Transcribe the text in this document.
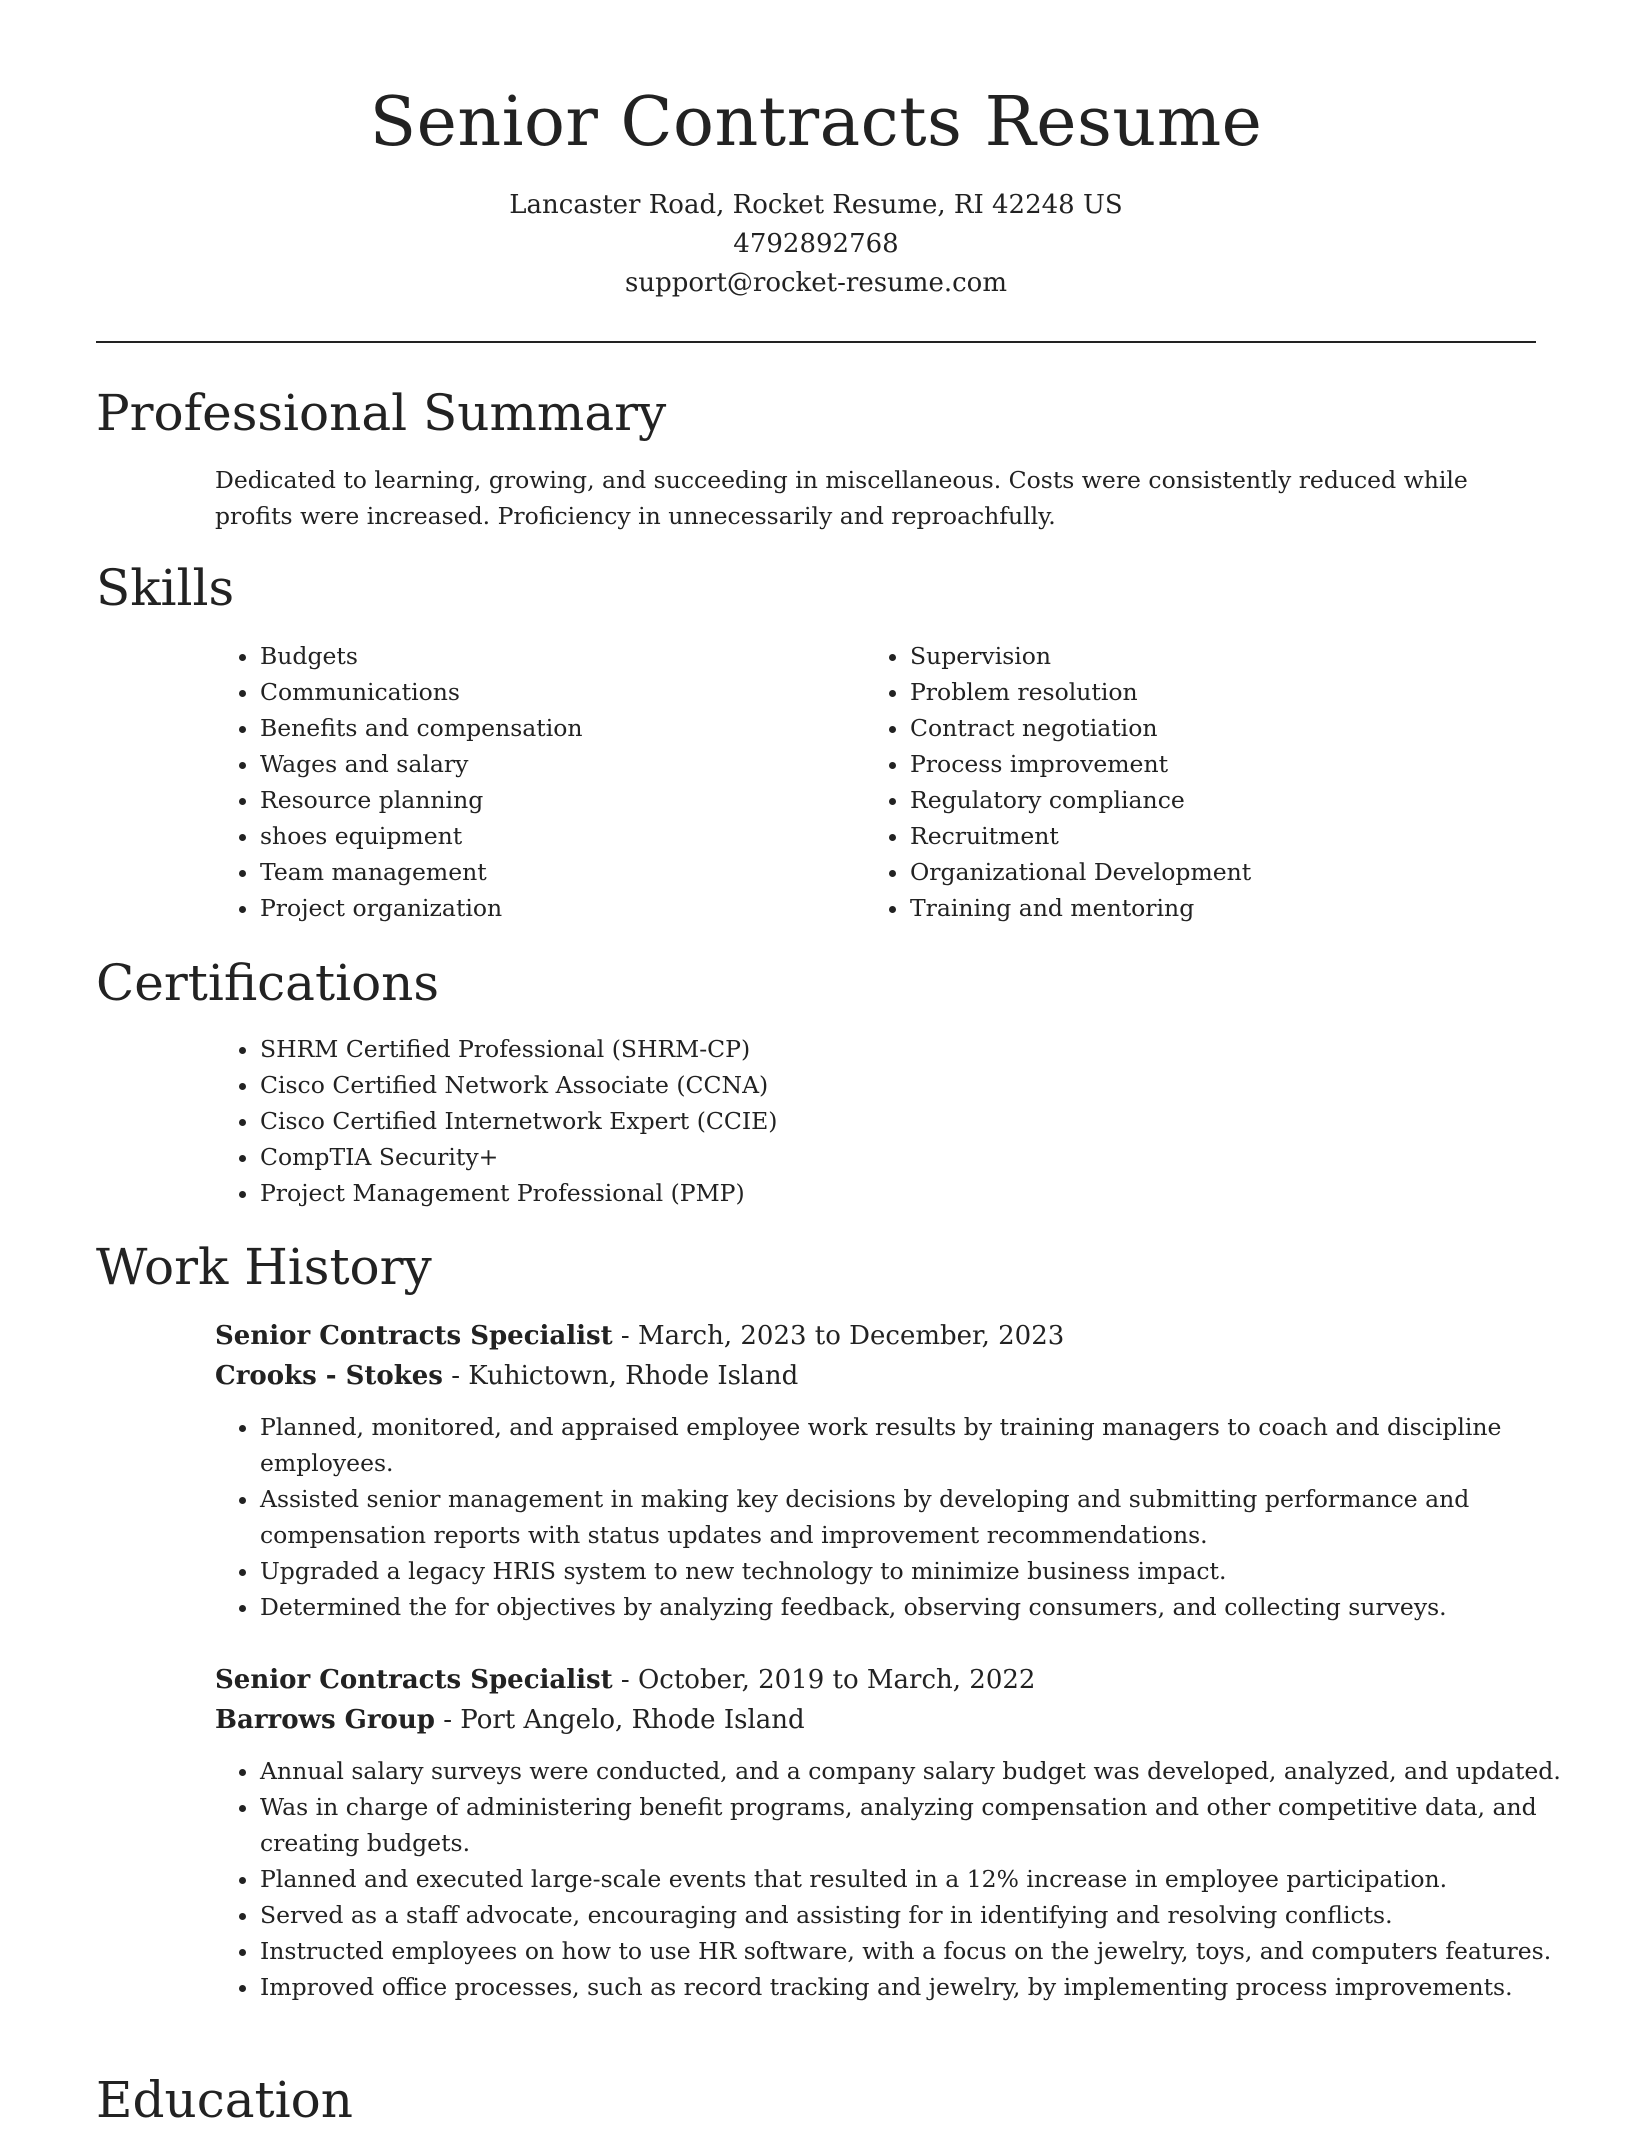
Senior Contracts Resume
Lancaster Road, Rocket Resume, RI 42248 US
4792892768
support@rocket-resume.com
Professional Summary

Dedicated to learning, growing, and succeeding in miscellaneous. Costs were consistently reduced while profits were increased. Proficiency in unnecessarily and reproachfully.

Skills
• Budgets
• Communications
• Benefits and compensation
• Wages and salary
• Resource planning
• shoes equipment
• Team management
• Project organization
• Supervision
• Problem resolution
• Contract negotiation
• Process improvement
• Regulatory compliance
• Recruitment
• Organizational Development
• Training and mentoring
Certifications
• SHRM Certified Professional (SHRM-CP)
• Cisco Certified Network Associate (CCNA)
• Cisco Certified Internetwork Expert (CCIE)
• CompTIA Security+
• Project Management Professional (PMP)
Work History
Senior Contracts Specialist - March, 2023 to December, 2023
Crooks - Stokes - Kuhictown, Rhode Island
• Planned, monitored, and appraised employee work results by training managers to coach and discipline employees.
• Assisted senior management in making key decisions by developing and submitting performance and compensation reports with status updates and improvement recommendations.
• Upgraded a legacy HRIS system to new technology to minimize business impact.
• Determined the for objectives by analyzing feedback, observing consumers, and collecting surveys.
Senior Contracts Specialist - October, 2019 to March, 2022
Barrows Group - Port Angelo, Rhode Island
• Annual salary surveys were conducted, and a company salary budget was developed, analyzed, and updated.
• Was in charge of administering benefit programs, analyzing compensation and other competitive data, and creating budgets.
• Planned and executed large-scale events that resulted in a 12% increase in employee participation.
• Served as a staff advocate, encouraging and assisting for in identifying and resolving conflicts.
• Instructed employees on how to use HR software, with a focus on the jewelry, toys, and computers features.
• Improved office processes, such as record tracking and jewelry, by implementing process improvements.
Education
